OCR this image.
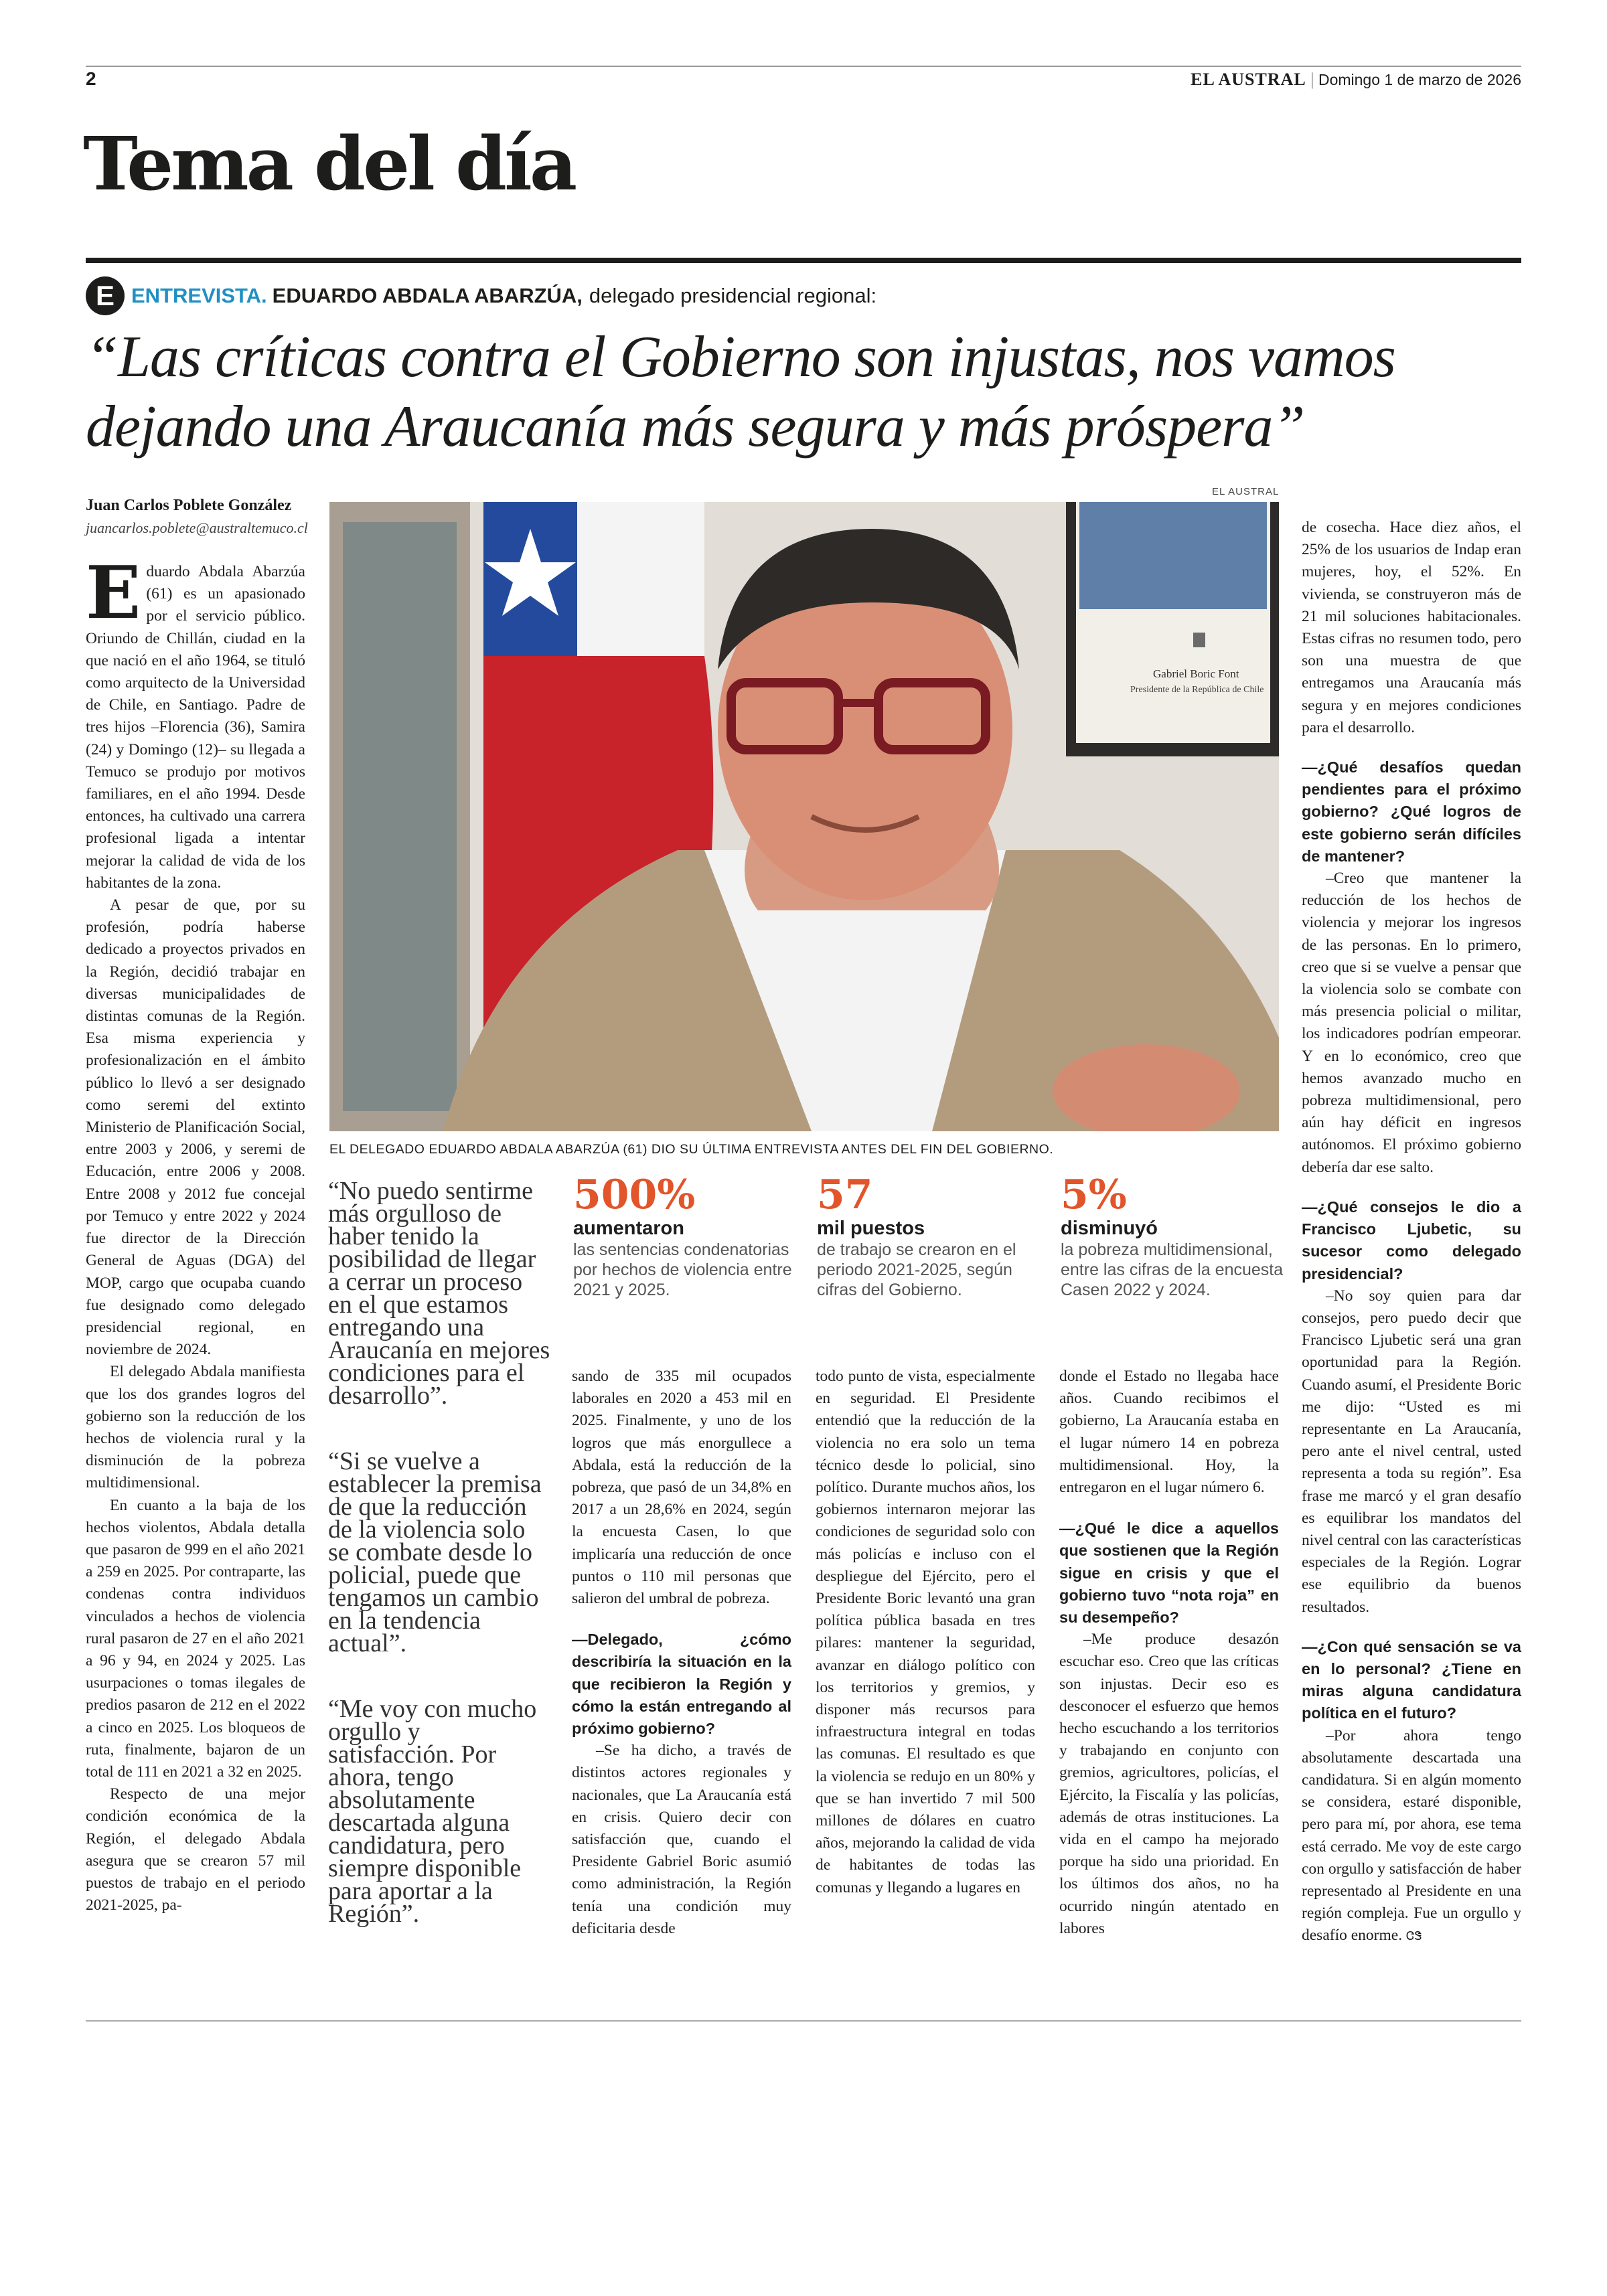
2	EL AUSTRAL | Domingo 1 de marzo de 2026
Tema del día
E ENTREVISTA. EDUARDO ABDALA ABARZÚA, delegado presidencial regional:
“Las críticas contra el Gobierno son injustas, nos vamos
dejando una Araucanía más segura y más próspera”
Juan Carlos Poblete González
juancarlos.poblete@australtemuco.cl
EL AUSTRAL
Gabriel Boric Font
Presidente de la República de Chile
EL DELEGADO EDUARDO ABDALA ABARZÚA (61) DIO SU ÚLTIMA ENTREVISTA ANTES DEL FIN DEL GOBIERNO.

Eduardo Abdala Abarzúa (61) es un apasionado por el servicio público. Oriundo de Chillán, ciudad en la que nació en el año 1964, se tituló como arquitecto de la Universidad de Chile, en Santiago. Padre de tres hijos –Florencia (36), Samira (24) y Domingo (12)– su llegada a Temuco se produjo por motivos familiares, en el año 1994. Desde entonces, ha cultivado una carrera profesional ligada a intentar mejorar la calidad de vida de los habitantes de la zona.

A pesar de que, por su profesión, podría haberse dedicado a proyectos privados en la Región, decidió trabajar en diversas municipalidades de distintas comunas de la Región. Esa misma experiencia y profesionalización en el ámbito público lo llevó a ser designado como seremi del extinto Ministerio de Planificación Social, entre 2003 y 2006, y seremi de Educación, entre 2006 y 2008. Entre 2008 y 2012 fue concejal por Temuco y entre 2022 y 2024 fue director de la Dirección General de Aguas (DGA) del MOP, cargo que ocupaba cuando fue designado como delegado presidencial regional, en noviembre de 2024.

El delegado Abdala manifiesta que los dos grandes logros del gobierno son la reducción de los hechos de violencia rural y la disminución de la pobreza multidimensional.

En cuanto a la baja de los hechos violentos, Abdala detalla que pasaron de 999 en el año 2021 a 259 en 2025. Por contraparte, las condenas contra individuos vinculados a hechos de violencia rural pasaron de 27 en el año 2021 a 96 y 94, en 2024 y 2025. Las usurpaciones o tomas ilegales de predios pasaron de 212 en el 2022 a cinco en 2025. Los bloqueos de ruta, finalmente, bajaron de un total de 111 en 2021 a 32 en 2025.

Respecto de una mejor condición económica de la Región, el delegado Abdala asegura que se crearon 57 mil puestos de trabajo en el periodo 2021-2025, pa-

“No puedo sentirme más orgulloso de haber tenido la posibilidad de llegar a cerrar un proceso en el que estamos entregando una Araucanía en mejores condiciones para el desarrollo”.

“Si se vuelve a establecer la premisa de que la reducción de la violencia solo se combate desde lo policial, puede que tengamos un cambio en la tendencia actual”.

“Me voy con mucho orgullo y satisfacción. Por ahora, tengo absolutamente descartada alguna candidatura, pero siempre disponible para aportar a la Región”.

500%
aumentaron
las sentencias condenatorias por hechos de violencia entre 2021 y 2025.
57
mil puestos
de trabajo se crearon en el periodo 2021-2025, según cifras del Gobierno.
5%
disminuyó
la pobreza multidimensional, entre las cifras de la encuesta Casen 2022 y 2024.

sando de 335 mil ocupados laborales en 2020 a 453 mil en 2025. Finalmente, y uno de los logros que más enorgullece a Abdala, está la reducción de la pobreza, que pasó de un 34,8% en 2017 a un 28,6% en 2024, según la encuesta Casen, lo que implicaría una reducción de once puntos o 110 mil personas que salieron del umbral de pobreza.

— Delegado, ¿cómo describiría la situación en la que recibieron la Región y cómo la están entregando al próximo gobierno?

–Se ha dicho, a través de distintos actores regionales y nacionales, que La Araucanía está en crisis. Quiero decir con satisfacción que, cuando el Presidente Gabriel Boric asumió como administración, la Región tenía una condición muy deficitaria desde

todo punto de vista, especialmente en seguridad. El Presidente entendió que la reducción de la violencia no era solo un tema técnico desde lo policial, sino político. Durante muchos años, los gobiernos internaron mejorar las condiciones de seguridad solo con más policías e incluso con el despliegue del Ejército, pero el Presidente Boric levantó una gran política pública basada en tres pilares: mantener la seguridad, avanzar en diálogo político con los territorios y gremios, y disponer más recursos para infraestructura integral en todas las comunas. El resultado es que la violencia se redujo en un 80% y que se han invertido 7 mil 500 millones de dólares en cuatro años, mejorando la calidad de vida de habitantes de todas las comunas y llegando a lugares en

donde el Estado no llegaba hace años. Cuando recibimos el gobierno, La Araucanía estaba en el lugar número 14 en pobreza multidimensional. Hoy, la entregaron en el lugar número 6.

— ¿Qué le dice a aquellos que sostienen que la Región sigue en crisis y que el gobierno tuvo “nota roja” en su desempeño?

–Me produce desazón escuchar eso. Creo que las críticas son injustas. Decir eso es desconocer el esfuerzo que hemos hecho escuchando a los territorios y trabajando en conjunto con gremios, agricultores, policías, el Ejército, la Fiscalía y las policías, además de otras instituciones. La vida en el campo ha mejorado porque ha sido una prioridad. En los últimos dos años, no ha ocurrido ningún atentado en labores

de cosecha. Hace diez años, el 25% de los usuarios de Indap eran mujeres, hoy, el 52%. En vivienda, se construyeron más de 21 mil soluciones habitacionales. Estas cifras no resumen todo, pero son una muestra de que entregamos una Araucanía más segura y en mejores condiciones para el desarrollo.

— ¿Qué desafíos quedan pendientes para el próximo gobierno? ¿Qué logros de este gobierno serán difíciles de mantener?

–Creo que mantener la reducción de los hechos de violencia y mejorar los ingresos de las personas. En lo primero, creo que si se vuelve a pensar que la violencia solo se combate con más presencia policial o militar, los indicadores podrían empeorar. Y en lo económico, creo que hemos avanzado mucho en pobreza multidimensional, pero aún hay déficit en ingresos autónomos. El próximo gobierno debería dar ese salto.

— ¿Qué consejos le dio a Francisco Ljubetic, su sucesor como delegado presidencial?

–No soy quien para dar consejos, pero puedo decir que Francisco Ljubetic será una gran oportunidad para la Región. Cuando asumí, el Presidente Boric me dijo: “Usted es mi representante en La Araucanía, pero ante el nivel central, usted representa a toda su región”. Esa frase me marcó y el gran desafío es equilibrar los mandatos del nivel central con las características especiales de la Región. Lograr ese equilibrio da buenos resultados.

— ¿Con qué sensación se va en lo personal? ¿Tiene en miras alguna candidatura política en el futuro?

–Por ahora tengo absolutamente descartada una candidatura. Si en algún momento se considera, estaré disponible, pero para mí, por ahora, ese tema está cerrado. Me voy de este cargo con orgullo y satisfacción de haber representado al Presidente en una región compleja. Fue un orgullo y desafío enorme. ᏣᏕ
